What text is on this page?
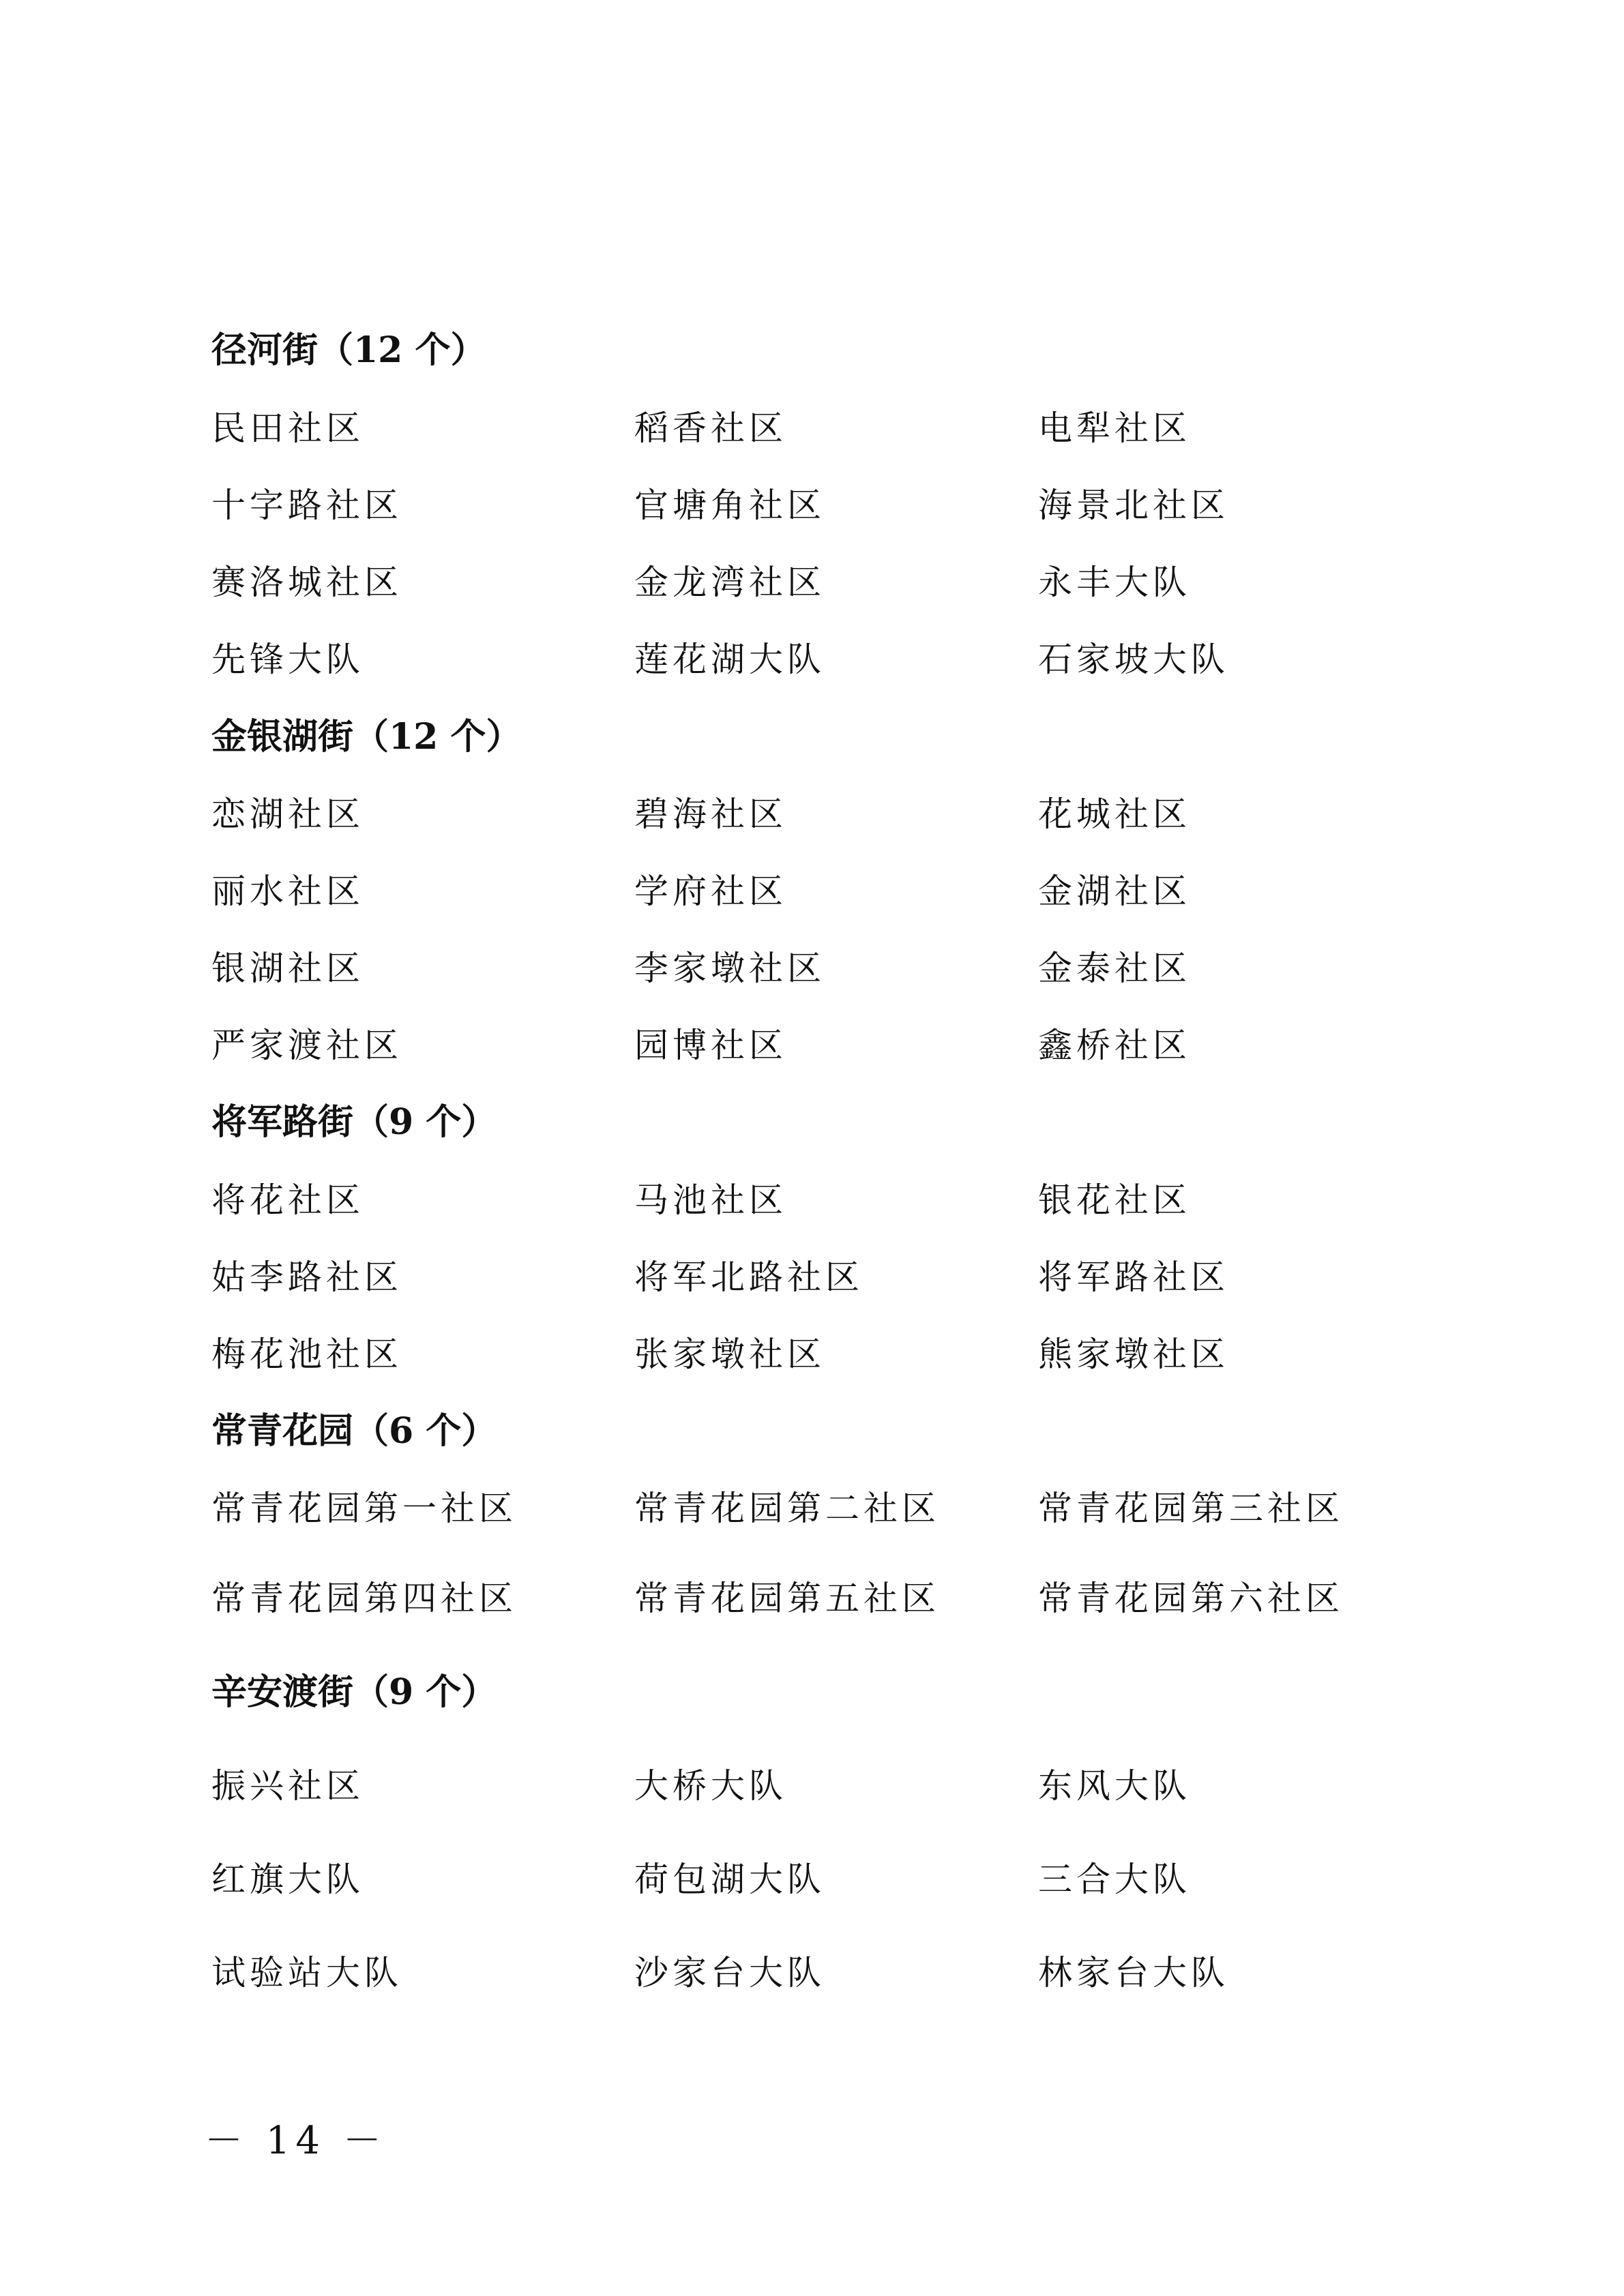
径河街（12 个）
民田社区	稻香社区	电犁社区
十字路社区	官塘角社区	海景北社区
赛洛城社区	金龙湾社区	永丰大队
先锋大队	莲花湖大队	石家坡大队
金银湖街（12 个）
恋湖社区	碧海社区	花城社区
丽水社区	学府社区	金湖社区
银湖社区	李家墩社区	金泰社区
严家渡社区	园博社区	鑫桥社区
将军路街（9 个）
将花社区	马池社区	银花社区
姑李路社区	将军北路社区	将军路社区
梅花池社区	张家墩社区	熊家墩社区
常青花园（6 个）
常青花园第一社区	常青花园第二社区	常青花园第三社区
常青花园第四社区	常青花园第五社区	常青花园第六社区
辛安渡街（9 个）
振兴社区	大桥大队	东风大队
红旗大队	荷包湖大队	三合大队
试验站大队	沙家台大队	林家台大队
－ 14 －
